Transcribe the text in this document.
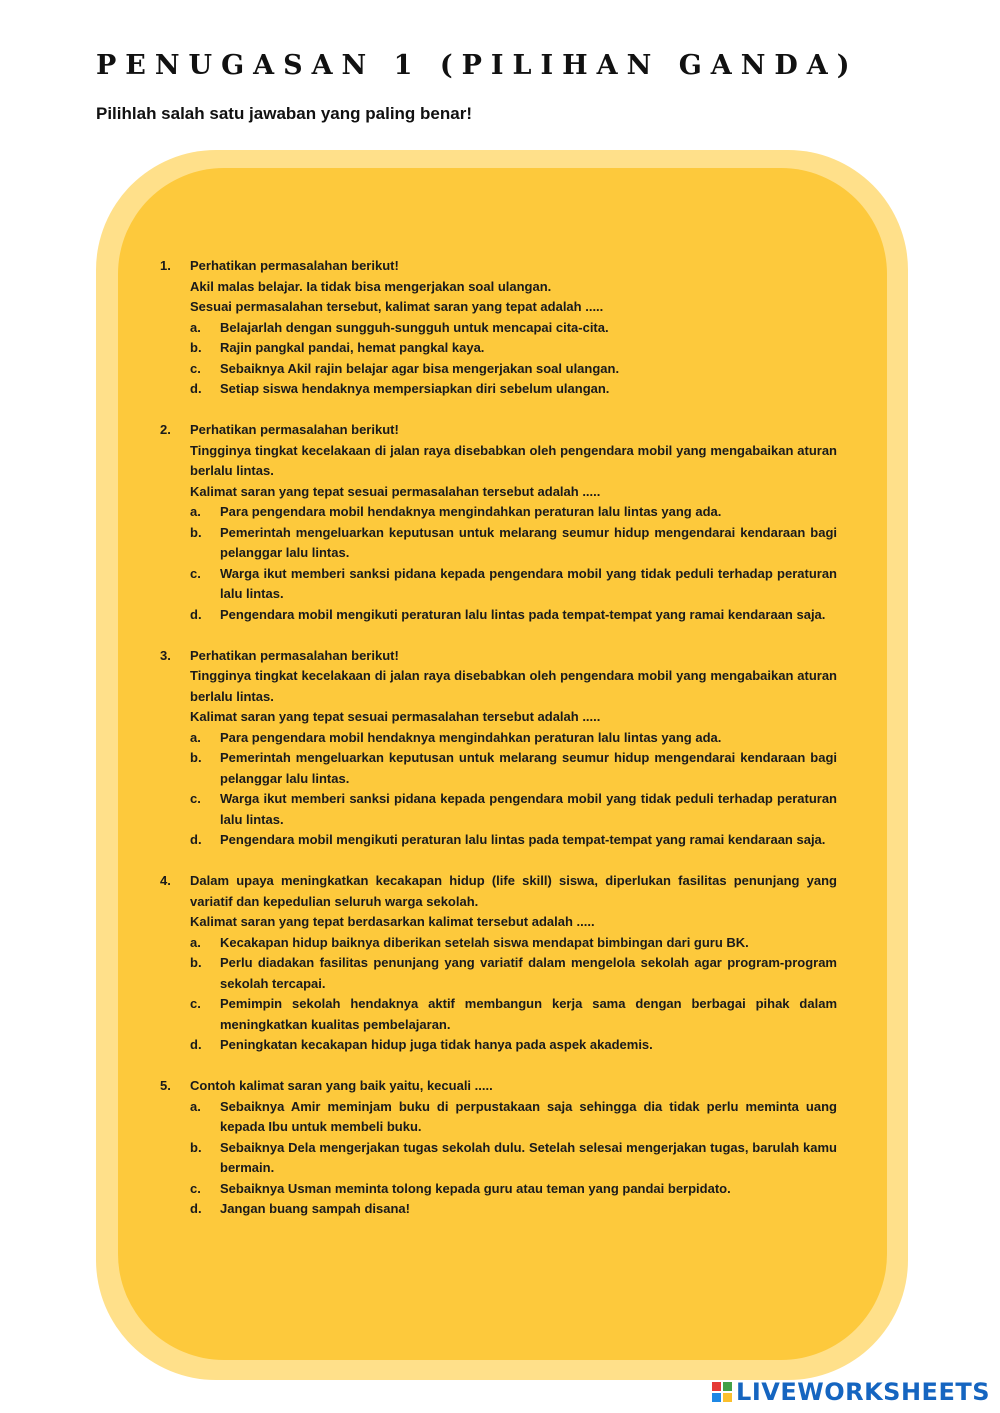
PENUGASAN 1 (PILIHAN GANDA)

Pilihlah salah satu jawaban yang paling benar!

1.	Perhatikan permasalahan berikut!
Akil malas belajar. Ia tidak bisa mengerjakan soal ulangan.
Sesuai permasalahan tersebut, kalimat saran yang tepat adalah .....
a.	Belajarlah dengan sungguh-sungguh untuk mencapai cita-cita.
b.	Rajin pangkal pandai, hemat pangkal kaya.
c.	Sebaiknya Akil rajin belajar agar bisa mengerjakan soal ulangan.
d.	Setiap siswa hendaknya mempersiapkan diri sebelum ulangan.
2.	Perhatikan permasalahan berikut!
Tingginya tingkat kecelakaan di jalan raya disebabkan oleh pengendara mobil yang mengabaikan aturan berlalu lintas.
Kalimat saran yang tepat sesuai permasalahan tersebut adalah .....
a.	Para pengendara mobil hendaknya mengindahkan peraturan lalu lintas yang ada.
b.	Pemerintah mengeluarkan keputusan untuk melarang seumur hidup mengendarai kendaraan bagi pelanggar lalu lintas.
c.	Warga ikut memberi sanksi pidana kepada pengendara mobil yang tidak peduli terhadap peraturan lalu lintas.
d.	Pengendara mobil mengikuti peraturan lalu lintas pada tempat-tempat yang ramai kendaraan saja.
3.	Perhatikan permasalahan berikut!
Tingginya tingkat kecelakaan di jalan raya disebabkan oleh pengendara mobil yang mengabaikan aturan berlalu lintas.
Kalimat saran yang tepat sesuai permasalahan tersebut adalah .....
a.	Para pengendara mobil hendaknya mengindahkan peraturan lalu lintas yang ada.
b.	Pemerintah mengeluarkan keputusan untuk melarang seumur hidup mengendarai kendaraan bagi pelanggar lalu lintas.
c.	Warga ikut memberi sanksi pidana kepada pengendara mobil yang tidak peduli terhadap peraturan lalu lintas.
d.	Pengendara mobil mengikuti peraturan lalu lintas pada tempat-tempat yang ramai kendaraan saja.
4.	Dalam upaya meningkatkan kecakapan hidup (life skill) siswa, diperlukan fasilitas penunjang yang variatif dan kepedulian seluruh warga sekolah.
Kalimat saran yang tepat berdasarkan kalimat tersebut adalah .....
a.	Kecakapan hidup baiknya diberikan setelah siswa mendapat bimbingan dari guru BK.
b.	Perlu diadakan fasilitas penunjang yang variatif dalam mengelola sekolah agar program-program sekolah tercapai.
c.	Pemimpin sekolah hendaknya aktif membangun kerja sama dengan berbagai pihak dalam meningkatkan kualitas pembelajaran.
d.	Peningkatan kecakapan hidup juga tidak hanya pada aspek akademis.
5.	Contoh kalimat saran yang baik yaitu, kecuali .....
a.	Sebaiknya Amir meminjam buku di perpustakaan saja sehingga dia tidak perlu meminta uang kepada Ibu untuk membeli buku.
b.	Sebaiknya Dela mengerjakan tugas sekolah dulu. Setelah selesai mengerjakan tugas, barulah kamu bermain.
c.	Sebaiknya Usman meminta tolong kepada guru atau teman yang pandai berpidato.
d.	Jangan buang sampah disana!
LIVEWORKSHEETS
